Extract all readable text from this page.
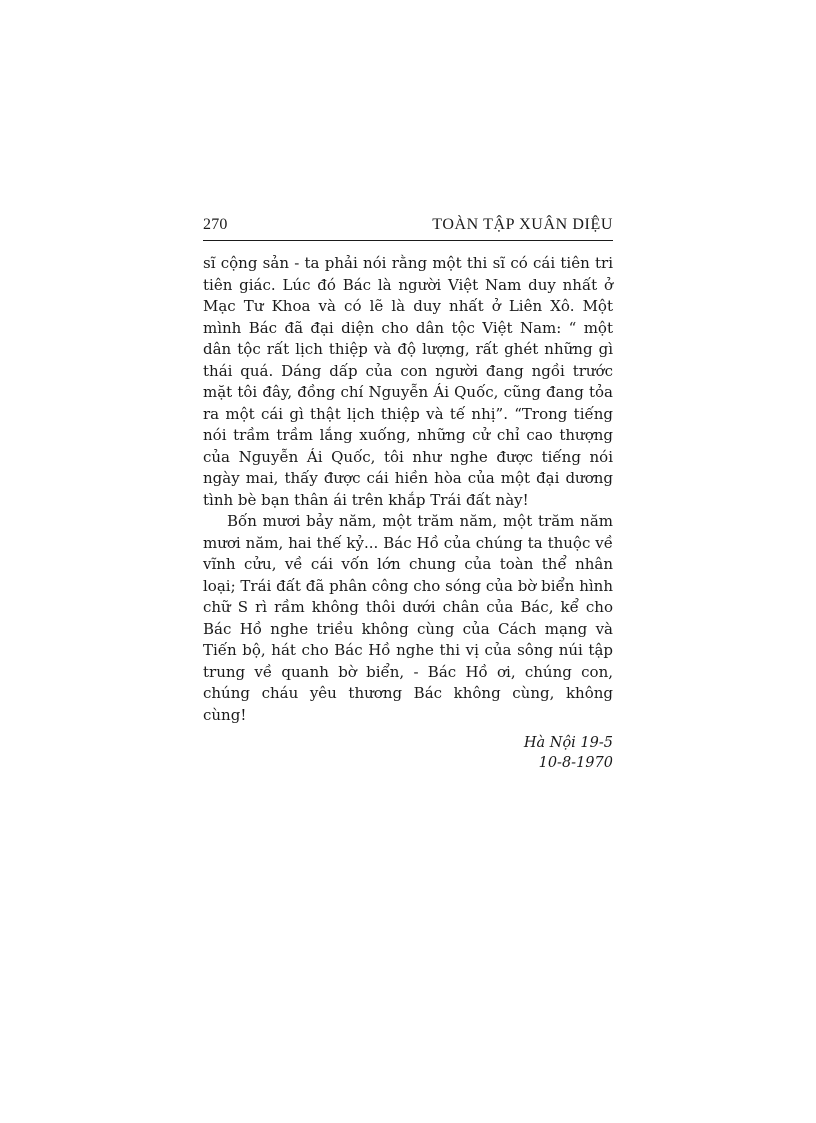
270	TOÀN TẬP XUÂN DIỆU

sĩ cộng sản - ta phải nói rằng một thi sĩ có cái tiên tri tiên giác. Lúc đó Bác là người Việt Nam duy nhất ở Mạc Tư Khoa và có lẽ là duy nhất ở Liên Xô. Một mình Bác đã đại diện cho dân tộc Việt Nam: “ một dân tộc rất lịch thiệp và độ lượng, rất ghét những gì thái quá. Dáng dấp của con người đang ngồi trước mặt tôi đây, đồng chí Nguyễn Ái Quốc, cũng đang tỏa ra một cái gì thật lịch thiệp và tế nhị”. “Trong tiếng nói trầm trầm lắng xuống, những cử chỉ cao thượng của Nguyễn Ái Quốc, tôi như nghe được tiếng nói ngày mai, thấy được cái hiền hòa của một đại dương tình bè bạn thân ái trên khắp Trái đất này!

Bốn mươi bảy năm, một trăm năm, một trăm năm mươi năm, hai thế kỷ... Bác Hồ của chúng ta thuộc về vĩnh cửu, về cái vốn lớn chung của toàn thể nhân loại; Trái đất đã phân công cho sóng của bờ biển hình chữ S rì rầm không thôi dưới chân của Bác, kể cho Bác Hồ nghe triều không cùng của Cách mạng và Tiến bộ, hát cho Bác Hồ nghe thi vị của sông núi tập trung về quanh bờ biển, - Bác Hồ ơi, chúng con, chúng cháu yêu thương Bác không cùng, không cùng!

Hà Nội 19-5
10-8-1970
